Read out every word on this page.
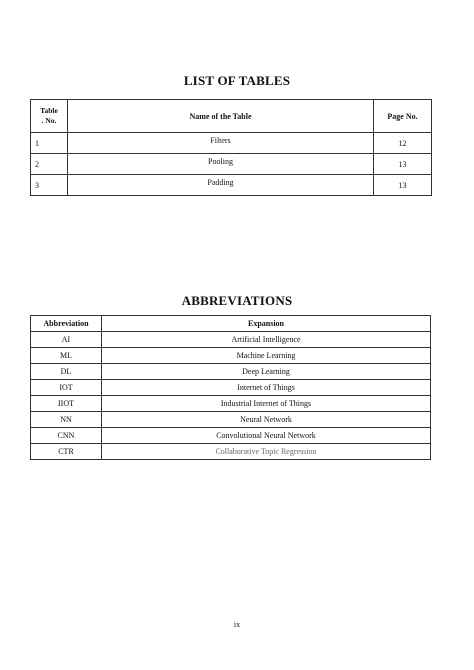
LIST OF TABLES
Table
. No.	Name of the Table	Page No.
1	Filters	12
2	Pooling	13
3	Padding	13
ABBREVIATIONS
Abbreviation	Expansion
AI	Artificial Intelligence
ML	Machine Learning
DL	Deep Learning
IOT	Internet of Things
IIOT	Industrial Internet of Things
NN	Neural Network
CNN	Convolutional Neural Network
CTR	Collaborative Topic Regression
ix
